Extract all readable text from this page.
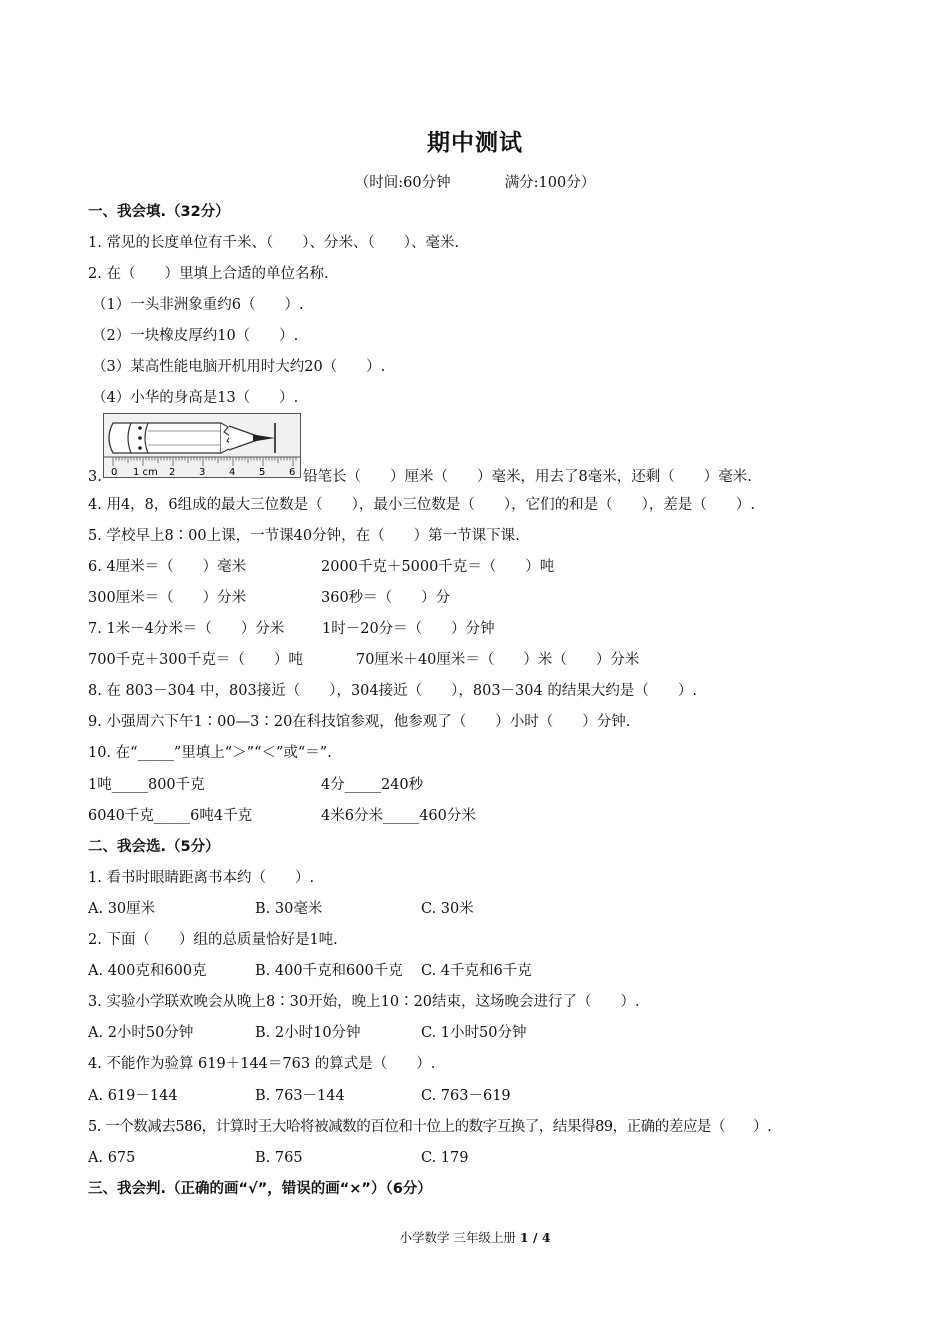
期中测试
（时间:60分钟	满分:100分）
一、我会填.（32分）
1. 常见的长度单位有千米、（　　）、分米、（　　）、毫米.
2. 在（　　）里填上合适的单位名称.
（1）一头非洲象重约6（　　）.
（2）一块橡皮厚约10（　　）.
（3）某高性能电脑开机用时大约20（　　）.
（4）小华的身高是13（　　）.
3. 0 1 cm 2 3 4 5 6 铅笔长（　　）厘米（　　）毫米，用去了8毫米，还剩（　　）毫米.
4. 用4，8，6组成的最大三位数是（　　），最小三位数是（　　），它们的和是（　　），差是（　　）.
5. 学校早上8∶00上课，一节课40分钟，在（　　）第一节课下课.
6. 4厘米＝（　　）毫米	2000千克＋5000千克＝（　　）吨
300厘米＝（　　）分米	360秒＝（　　）分
7. 1米－4分米＝（　　）分米	1时－20分＝（　　）分钟
700千克＋300千克＝（　　）吨	70厘米＋40厘米＝（　　）米（　　）分米
8. 在 803－304 中，803接近（　　），304接近（　　），803－304 的结果大约是（　　）.
9. 小强周六下午1∶00—3∶20在科技馆参观，他参观了（　　）小时（　　）分钟.
10. 在“_____”里填上“＞”“＜”或“＝”.
1吨_____800千克	4分_____240秒
6040千克_____6吨4千克	4米6分米_____460分米
二、我会选.（5分）
1. 看书时眼睛距离书本约（　　）.
A. 30厘米	B. 30毫米	C. 30米
2. 下面（　　）组的总质量恰好是1吨.
A. 400克和600克	B. 400千克和600千克 C. 4千克和6千克
3. 实验小学联欢晚会从晚上8∶30开始，晚上10∶20结束，这场晚会进行了（　　）.
A. 2小时50分钟	B. 2小时10分钟	C. 1小时50分钟
4. 不能作为验算 619＋144＝763 的算式是（　　）.
A. 619－144	B. 763－144	C. 763－619
5. 一个数减去586，计算时王大哈将被减数的百位和十位上的数字互换了，结果得89，正确的差应是（　　）.
A. 675	B. 765	C. 179
三、我会判.（正确的画“√”，错误的画“×”）（6分）
小学数学 三年级上册 1 / 4
